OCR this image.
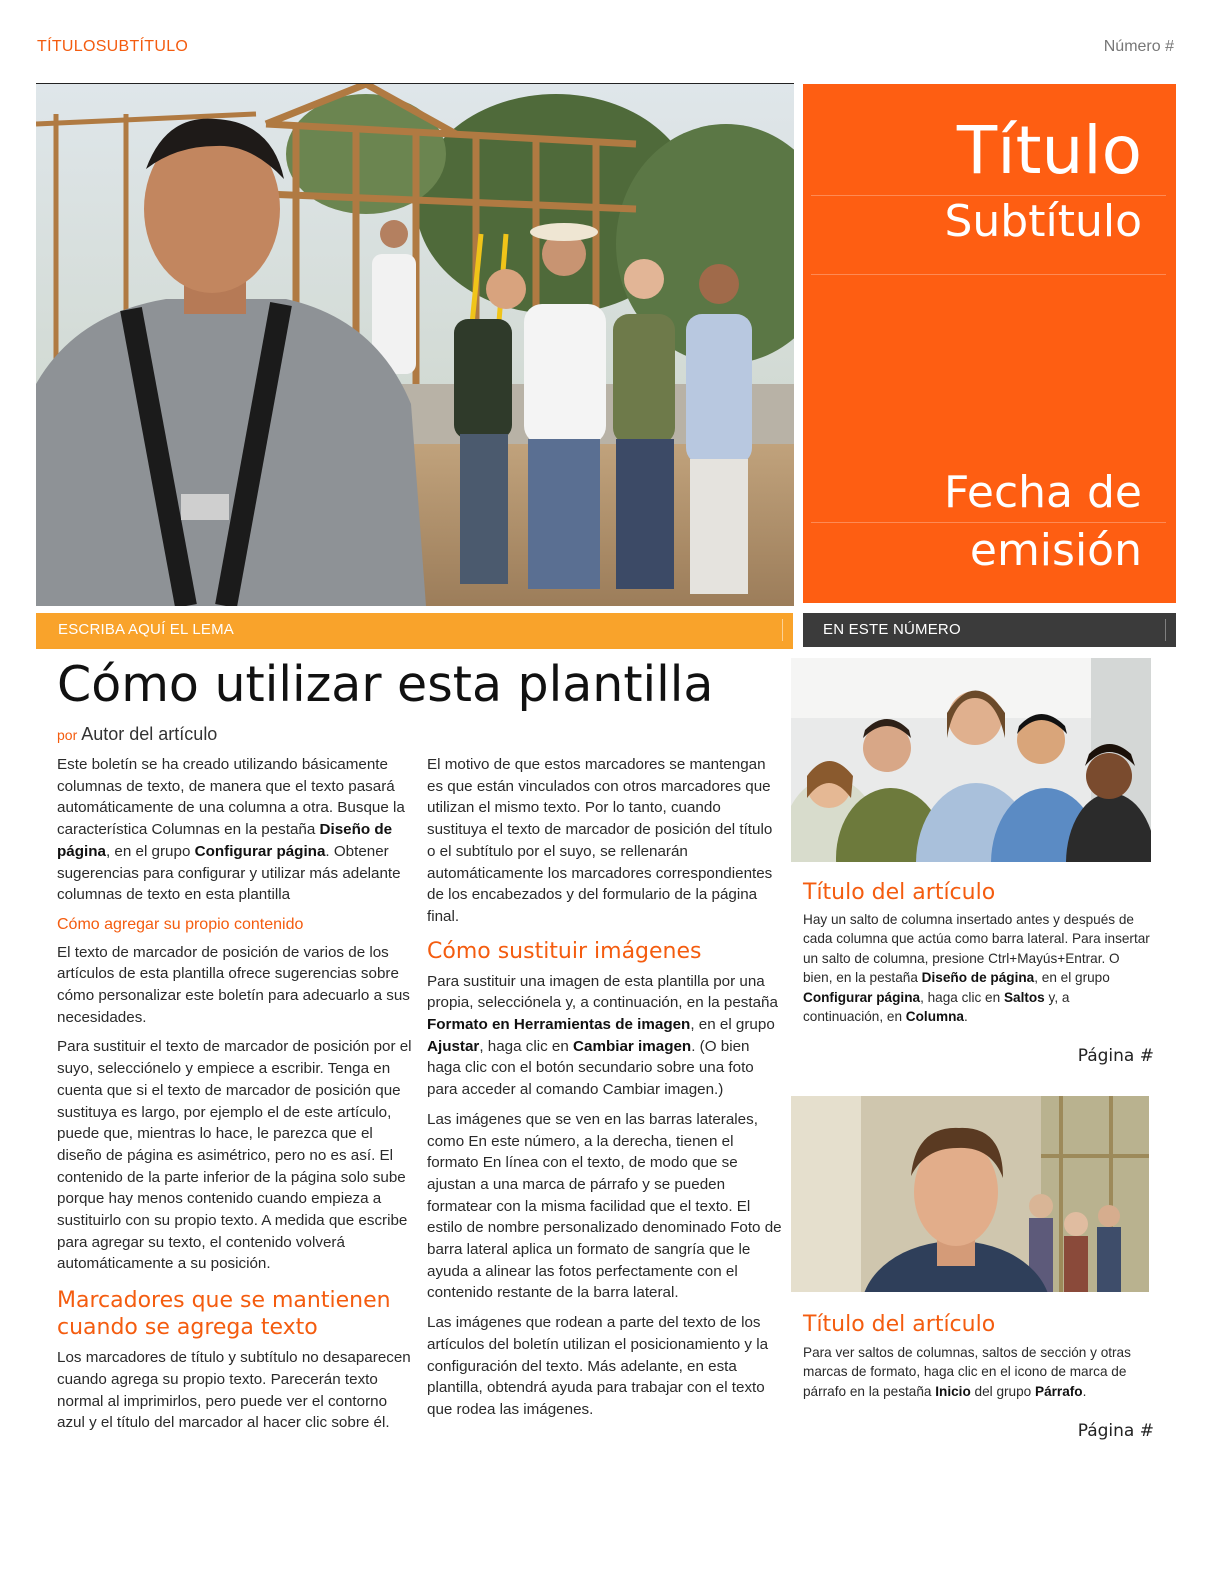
TÍTULOSUBTÍTULO	Número #
Título
Subtítulo
Fecha de
emisión
ESCRIBA AQUÍ EL LEMA	EN ESTE NÚMERO
Cómo utilizar esta plantilla
por Autor del artículo

Este boletín se ha creado utilizando básicamente columnas de texto, de manera que el texto pasará automáticamente de una columna a otra. Busque la característica Columnas en la pestaña Diseño de página, en el grupo Configurar página. Obtener sugerencias para configurar y utilizar más adelante columnas de texto en esta plantilla

Cómo agregar su propio contenido

El texto de marcador de posición de varios de los artículos de esta plantilla ofrece sugerencias sobre cómo personalizar este boletín para adecuarlo a sus necesidades.

Para sustituir el texto de marcador de posición por el suyo, selecciónelo y empiece a escribir. Tenga en cuenta que si el texto de marcador de posición que sustituya es largo, por ejemplo el de este artículo, puede que, mientras lo hace, le parezca que el diseño de página es asimétrico, pero no es así. El contenido de la parte inferior de la página solo sube porque hay menos contenido cuando empieza a sustituirlo con su propio texto. A medida que escribe para agregar su texto, el contenido volverá automáticamente a su posición.

Marcadores que se mantienen cuando se agrega texto

Los marcadores de título y subtítulo no desaparecen cuando agrega su propio texto. Parecerán texto normal al imprimirlos, pero puede ver el contorno azul y el título del marcador al hacer clic sobre él.

El motivo de que estos marcadores se mantengan es que están vinculados con otros marcadores que utilizan el mismo texto. Por lo tanto, cuando sustituya el texto de marcador de posición del título o el subtítulo por el suyo, se rellenarán automáticamente los marcadores correspondientes de los encabezados y del formulario de la página final.

Cómo sustituir imágenes

Para sustituir una imagen de esta plantilla por una propia, selecciónela y, a continuación, en la pestaña Formato en Herramientas de imagen, en el grupo Ajustar, haga clic en Cambiar imagen. (O bien haga clic con el botón secundario sobre una foto para acceder al comando Cambiar imagen.)

Las imágenes que se ven en las barras laterales, como En este número, a la derecha, tienen el formato En línea con el texto, de modo que se ajustan a una marca de párrafo y se pueden formatear con la misma facilidad que el texto. El estilo de nombre personalizado denominado Foto de barra lateral aplica un formato de sangría que le ayuda a alinear las fotos perfectamente con el contenido restante de la barra lateral.

Las imágenes que rodean a parte del texto de los artículos del boletín utilizan el posicionamiento y la configuración del texto. Más adelante, en esta plantilla, obtendrá ayuda para trabajar con el texto que rodea las imágenes.

Título del artículo
Hay un salto de columna insertado antes y después de cada columna que actúa como barra lateral. Para insertar un salto de columna, presione Ctrl+Mayús+Entrar. O bien, en la pestaña Diseño de página, en el grupo Configurar página, haga clic en Saltos y, a continuación, en Columna.
Página #
Título del artículo
Para ver saltos de columnas, saltos de sección y otras marcas de formato, haga clic en el icono de marca de párrafo en la pestaña Inicio del grupo Párrafo.
Página #
